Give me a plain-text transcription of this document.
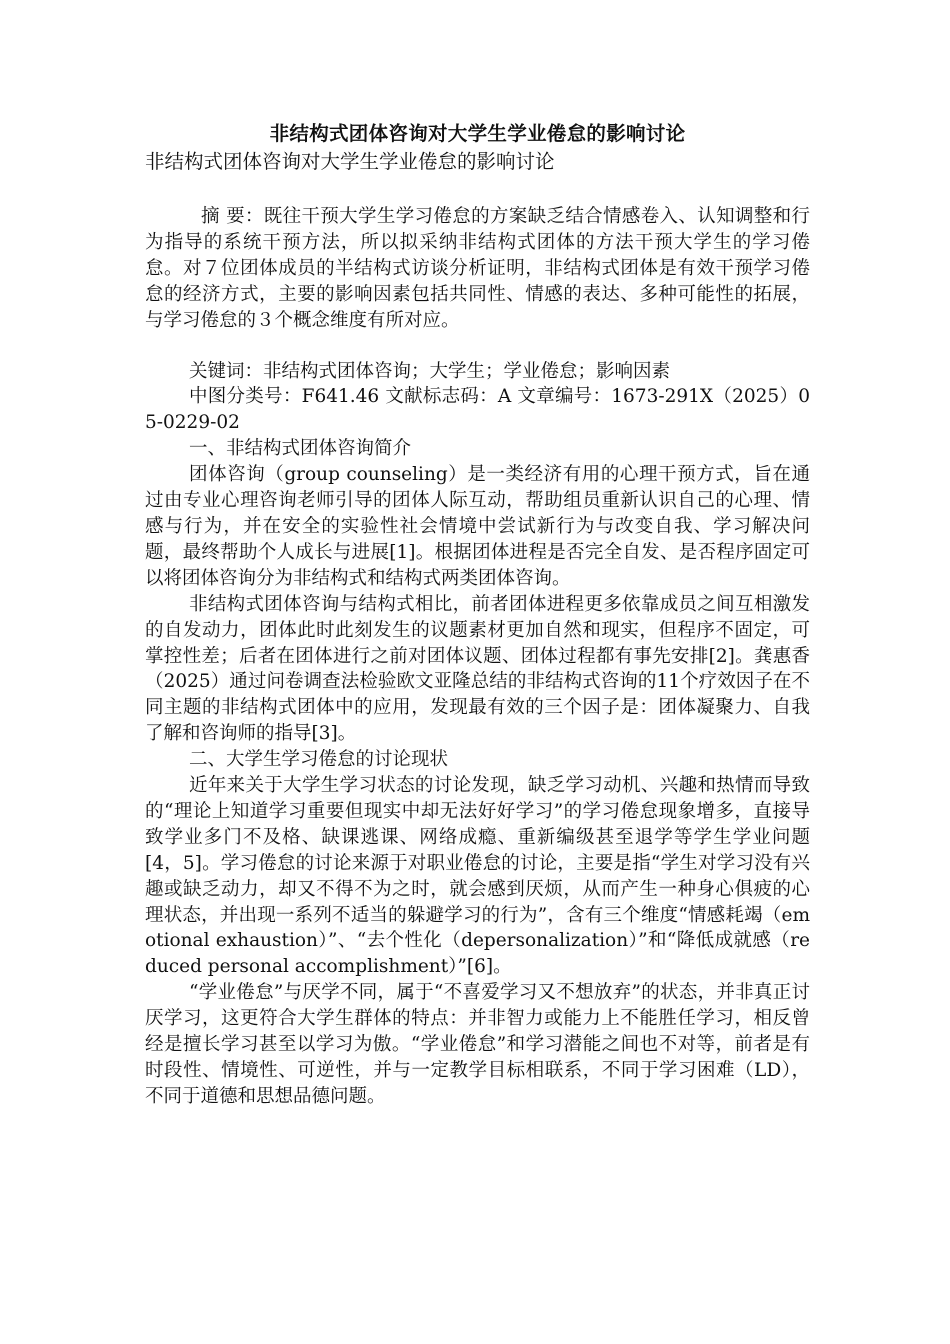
非结构式团体咨询对大学生学业倦怠的影响讨论
非结构式团体咨询对大学生学业倦怠的影响讨论

摘 要：既往干预大学生学习倦怠的方案缺乏结合情感卷入、认知调整和行为指导的系统干预方法，所以拟采纳非结构式团体的方法干预大学生的学习倦怠。对７位团体成员的半结构式访谈分析证明，非结构式团体是有效干预学习倦怠的经济方式，主要的影响因素包括共同性、情感的表达、多种可能性的拓展，与学习倦怠的３个概念维度有所对应。

关键词：非结构式团体咨询；大学生；学业倦怠；影响因素

中图分类号：F641.46 文献标志码：A 文章编号：1673-291X（2025）05-0229-02

一、非结构式团体咨询简介

团体咨询（group counseling）是一类经济有用的心理干预方式，旨在通过由专业心理咨询老师引导的团体人际互动，帮助组员重新认识自己的心理、情感与行为，并在安全的实验性社会情境中尝试新行为与改变自我、学习解决问题，最终帮助个人成长与进展[1]。根据团体进程是否完全自发、是否程序固定可以将团体咨询分为非结构式和结构式两类团体咨询。

非结构式团体咨询与结构式相比，前者团体进程更多依靠成员之间互相激发的自发动力，团体此时此刻发生的议题素材更加自然和现实，但程序不固定，可掌控性差；后者在团体进行之前对团体议题、团体过程都有事先安排[2]。龚惠香（2025）通过问卷调查法检验欧文亚隆总结的非结构式咨询的11个疗效因子在不同主题的非结构式团体中的应用，发现最有效的三个因子是：团体凝聚力、自我了解和咨询师的指导[3]。

二、大学生学习倦怠的讨论现状

近年来关于大学生学习状态的讨论发现，缺乏学习动机、兴趣和热情而导致的“理论上知道学习重要但现实中却无法好好学习”的学习倦怠现象增多，直接导致学业多门不及格、缺课逃课、网络成瘾、重新编级甚至退学等学生学业问题 [4，5]。学习倦怠的讨论来源于对职业倦怠的讨论，主要是指“学生对学习没有兴趣或缺乏动力，却又不得不为之时，就会感到厌烦，从而产生一种身心俱疲的心理状态，并出现一系列不适当的躲避学习的行为”，含有三个维度“情感耗竭（emotional exhaustion）”、“去个性化（depersonalization）”和“降低成就感（reduced personal accomplishment）”[6]。

“学业倦怠”与厌学不同，属于“不喜爱学习又不想放弃”的状态，并非真正讨厌学习，这更符合大学生群体的特点：并非智力或能力上不能胜任学习，相反曾经是擅长学习甚至以学习为傲。“学业倦怠”和学习潜能之间也不对等，前者是有时段性、情境性、可逆性，并与一定教学目标相联系，不同于学习困难（LD），不同于道德和思想品德问题。
